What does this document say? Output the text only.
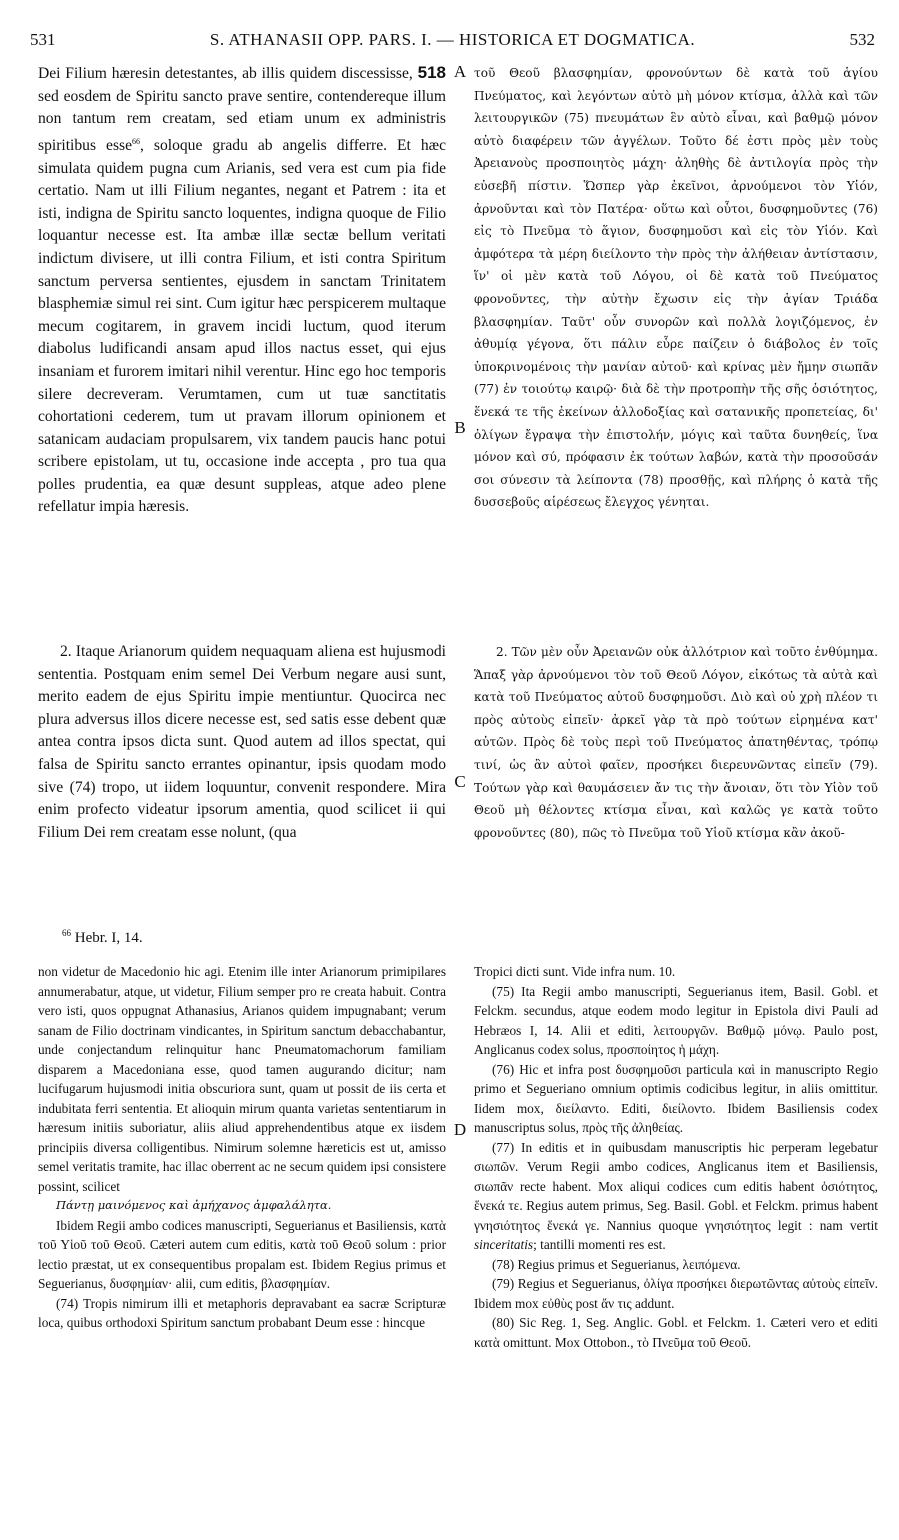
531	S. ATHANASII OPP. PARS. I. — HISTORICA ET DOGMATICA.	532

Dei Filium hæresin detestantes, ab illis quidem discessisse, 518 sed eosdem de Spiritu sancto prave sentire, contendereque illum non tantum rem creatam, sed etiam unum ex administris spiritibus esse$^{66}$, soloque gradu ab angelis differre. Et hæc simulata quidem pugna cum Arianis, sed vera est cum pia fide certatio. Nam ut illi Filium negantes, negant et Patrem : ita et isti, indigna de Spiritu sancto loquentes, indigna quoque de Filio loquantur necesse est. Ita ambæ illæ sectæ bellum veritati indictum divisere, ut illi contra Filium, et isti contra Spiritum sanctum perversa sentientes, ejusdem in sanctam Trinitatem blasphemiæ simul rei sint. Cum igitur hæc perspicerem multaque mecum cogitarem, in gravem incidi luctum, quod iterum diabolus ludificandi ansam apud illos nactus esset, qui ejus insaniam et furorem imitari nihil verentur. Hinc ego hoc temporis silere decreveram. Verumtamen, cum ut tuæ sanctitatis cohortationi cederem, tum ut pravam illorum opinionem et satanicam audaciam propulsarem, vix tandem paucis hanc potui scribere epistolam, ut tu, occasione inde accepta , pro tua qua polles prudentia, ea quæ desunt suppleas, atque adeo plene refellatur impia hæresis.

2. Itaque Arianorum quidem nequaquam aliena est hujusmodi sententia. Postquam enim semel Dei Verbum negare ausi sunt, merito eadem de ejus Spiritu impie mentiuntur. Quocirca nec plura adversus illos dicere necesse est, sed satis esse debent quæ antea contra ipsos dicta sunt. Quod autem ad illos spectat, qui falsa de Spiritu sancto errantes opinantur, ipsis quodam modo sive (74) tropo, ut iidem loquuntur, convenit respondere. Mira enim profecto videatur ipsorum amentia, quod scilicet ii qui Filium Dei rem creatam esse nolunt, (qua

A
B
C
D

τοῦ Θεοῦ βλασφημίαν, φρονούντων δὲ κατὰ τοῦ ἁγίου Πνεύματος, καὶ λεγόντων αὐτὸ μὴ μόνον κτίσμα, ἀλλὰ καὶ τῶν λειτουργικῶν (75) πνευμάτων ἓν αὐτὸ εἶναι, καὶ βαθμῷ μόνον αὐτὸ διαφέρειν τῶν ἀγγέλων. Τοῦτο δέ ἐστι πρὸς μὲν τοὺς Ἀρειανοὺς προσποιητὸς μάχη· ἀληθὴς δὲ ἀντιλογία πρὸς τὴν εὐσεβῆ πίστιν. Ὥσπερ γὰρ ἐκεῖνοι, ἀρνούμενοι τὸν Υἱόν, ἀρνοῦνται καὶ τὸν Πατέρα· οὕτω καὶ οὗτοι, δυσφημοῦντες (76) εἰς τὸ Πνεῦμα τὸ ἅγιον, δυσφημοῦσι καὶ εἰς τὸν Υἱόν. Καὶ ἀμφότερα τὰ μέρη διείλοντο τὴν πρὸς τὴν ἀλήθειαν ἀντίστασιν, ἵν' οἱ μὲν κατὰ τοῦ Λόγου, οἱ δὲ κατὰ τοῦ Πνεύματος φρονοῦντες, τὴν αὐτὴν ἔχωσιν εἰς τὴν ἁγίαν Τριάδα βλασφημίαν. Ταῦτ' οὖν συνορῶν καὶ πολλὰ λογιζόμενος, ἐν ἀθυμίᾳ γέγονα, ὅτι πάλιν εὗρε παίζειν ὁ διάβολος ἐν τοῖς ὑποκρινομένοις τὴν μανίαν αὐτοῦ· καὶ κρίνας μὲν ἤμην σιωπᾶν (77) ἐν τοιούτῳ καιρῷ· διὰ δὲ τὴν προτροπὴν τῆς σῆς ὁσιότητος, ἕνεκά τε τῆς ἐκείνων ἀλλοδοξίας καὶ σατανικῆς προπετείας, δι' ὀλίγων ἔγραψα τὴν ἐπιστολήν, μόγις καὶ ταῦτα δυνηθείς, ἵνα μόνον καὶ σύ, πρόφασιν ἐκ τούτων λαβών, κατὰ τὴν προσοῦσάν σοι σύνεσιν τὰ λείποντα (78) προσθῇς, καὶ πλήρης ὁ κατὰ τῆς δυσσεβοῦς αἱρέσεως ἔλεγχος γένηται.

2. Τῶν μὲν οὖν Ἀρειανῶν οὐκ ἀλλότριον καὶ τοῦτο ἐνθύμημα. Ἅπαξ γὰρ ἀρνούμενοι τὸν τοῦ Θεοῦ Λόγον, εἰκότως τὰ αὐτὰ καὶ κατὰ τοῦ Πνεύματος αὐτοῦ δυσφημοῦσι. Διὸ καὶ οὐ χρὴ πλέον τι πρὸς αὐτοὺς εἰπεῖν· ἀρκεῖ γὰρ τὰ πρὸ τούτων εἰρημένα κατ' αὐτῶν. Πρὸς δὲ τοὺς περὶ τοῦ Πνεύματος ἀπατηθέντας, τρόπῳ τινί, ὡς ἂν αὐτοὶ φαῖεν, προσήκει διερευνῶντας εἰπεῖν (79). Τούτων γὰρ καὶ θαυμάσειεν ἄν τις τὴν ἄνοιαν, ὅτι τὸν Υἱὸν τοῦ Θεοῦ μὴ θέλοντες κτίσμα εἶναι, καὶ καλῶς γε κατὰ τοῦτο φρονοῦντες (80), πῶς τὸ Πνεῦμα τοῦ Υἱοῦ κτίσμα κἂν ἀκοῦ-

$^{66}$ Hebr. I, 14.

non videtur de Macedonio hic agi. Etenim ille inter Arianorum primipilares annumerabatur, atque, ut videtur, Filium semper pro re creata habuit. Contra vero isti, quos oppugnat Athanasius, Arianos quidem impugnabant; verum sanam de Filio doctrinam vindicantes, in Spiritum sanctum debacchabantur, unde conjectandum relinquitur hanc Pneumatomachorum familiam disparem a Macedoniana esse, quod tamen augurando dicitur; nam lucifugarum hujusmodi initia obscuriora sunt, quam ut possit de iis certa et indubitata ferri sententia. Et alioquin mirum quanta varietas sententiarum in hæresum initiis suboriatur, aliis aliud apprehendentibus atque ex iisdem principiis diversa colligentibus. Nimirum solemne hæreticis est ut, amisso semel veritatis tramite, hac illac oberrent ac ne secum quidem ipsi consistere possint, scilicet

Πάντῃ μαινόμενος καὶ ἀμήχανος ἀμφαλάλητα.

Ibidem Regii ambo codices manuscripti, Seguerianus et Basiliensis, κατὰ τοῦ Υἱοῦ τοῦ Θεοῦ. Cæteri autem cum editis, κατὰ τοῦ Θεοῦ solum : prior lectio præstat, ut ex consequentibus propalam est. Ibidem Regius primus et Seguerianus, δυσφημίαν· alii, cum editis, βλασφημίαν.

(74) Tropis nimirum illi et metaphoris depravabant ea sacræ Scripturæ loca, quibus orthodoxi Spiritum sanctum probabant Deum esse : hincque

Tropici dicti sunt. Vide infra num. 10.

(75) Ita Regii ambo manuscripti, Seguerianus item, Basil. Gobl. et Felckm. secundus, atque eodem modo legitur in Epistola divi Pauli ad Hebræos I, 14. Alii et editi, λειτουργῶν. Βαθμῷ μόνῳ. Paulo post, Anglicanus codex solus, προσποίητος ἡ μάχη.

(76) Hic et infra post δυσφημοῦσι particula καὶ in manuscripto Regio primo et Segueriano omnium optimis codicibus legitur, in aliis omittitur. Iidem mox, διείλαντο. Editi, διείλοντο. Ibidem Basiliensis codex manuscriptus solus, πρὸς τῆς ἀληθείας.

(77) In editis et in quibusdam manuscriptis hic perperam legebatur σιωπῶν. Verum Regii ambo codices, Anglicanus item et Basiliensis, σιωπᾶν recte habent. Mox aliqui codices cum editis habent ὁσιότητος, ἕνεκά τε. Regius autem primus, Seg. Basil. Gobl. et Felckm. primus habent γνησιότητος ἕνεκά γε. Nannius quoque γνησιότητος legit : nam vertit sinceritatis; tantilli momenti res est.

(78) Regius primus et Seguerianus, λειπόμενα.

(79) Regius et Seguerianus, ὀλίγα προσήκει διερωτῶντας αὐτοὺς εἰπεῖν. Ibidem mox εὐθὺς post ἄν τις addunt.

(80) Sic Reg. 1, Seg. Anglic. Gobl. et Felckm. 1. Cæteri vero et editi κατὰ omittunt. Mox Ottobon., τὸ Πνεῦμα τοῦ Θεοῦ.
